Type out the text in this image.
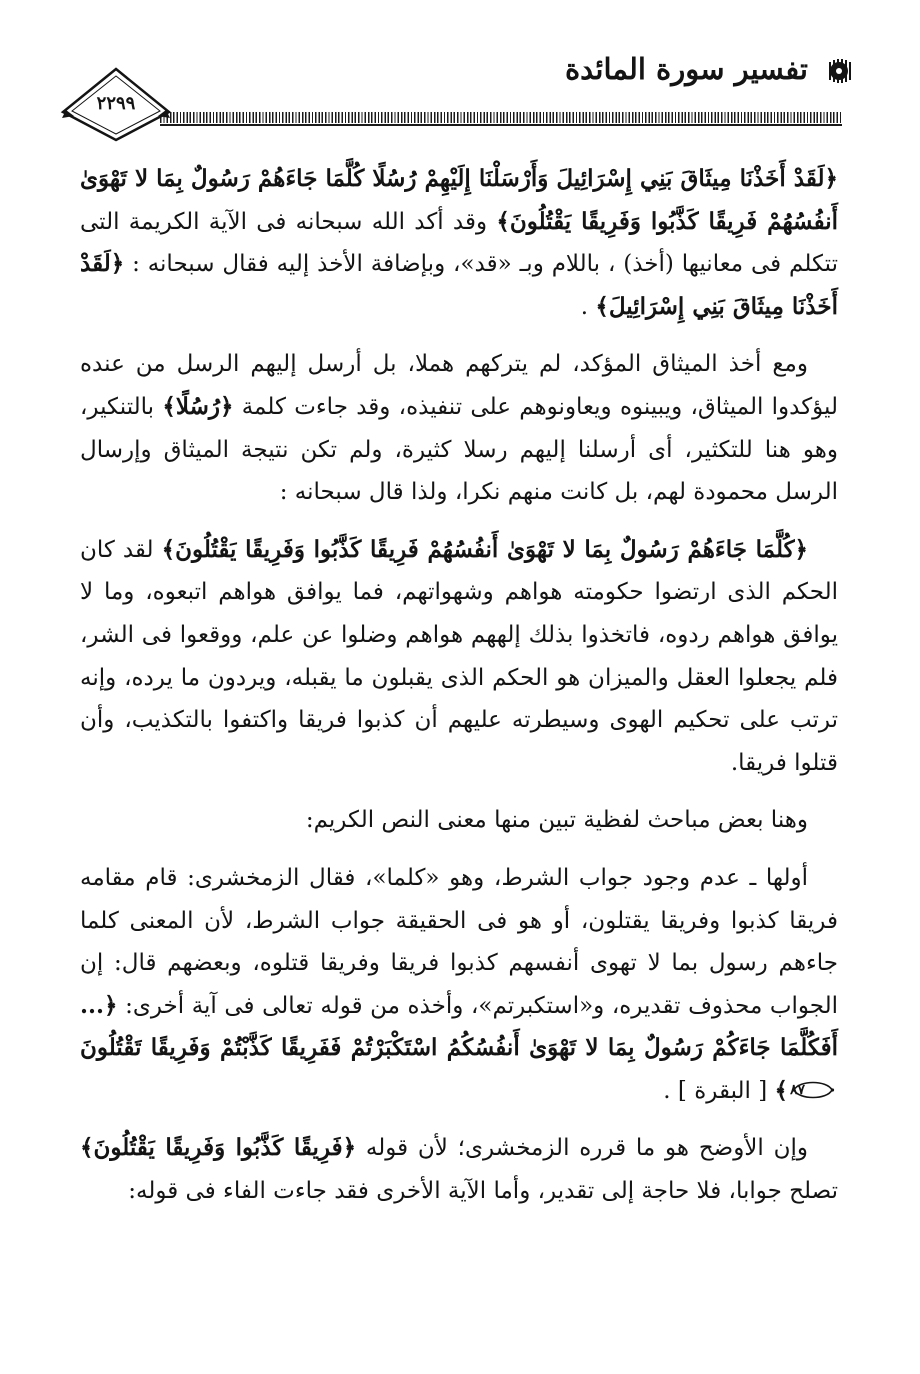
تفسير سورة المائدة
٢٢٩٩

﴿لَقَدْ أَخَذْنَا مِيثَاقَ بَنِي إِسْرَائِيلَ وَأَرْسَلْنَا إِلَيْهِمْ رُسُلًا كُلَّمَا جَاءَهُمْ رَسُولٌ بِمَا لا تَهْوَىٰ أَنفُسُهُمْ فَرِيقًا كَذَّبُوا وَفَرِيقًا يَقْتُلُونَ﴾ وقد أكد الله سبحانه فى الآية الكريمة التى تتكلم فى معانيها (أخذ) ، باللام وبـ «قد»، وبإضافة الأخذ إليه فقال سبحانه : ﴿لَقَدْ أَخَذْنَا مِيثَاقَ بَنِي إِسْرَائِيلَ﴾ .

ومع أخذ الميثاق المؤكد، لم يتركهم هملا، بل أرسل إليهم الرسل من عنده ليؤكدوا الميثاق، ويبينوه ويعاونوهم على تنفيذه، وقد جاءت كلمة ﴿رُسُلًا﴾ بالتنكير، وهو هنا للتكثير، أى أرسلنا إليهم رسلا كثيرة، ولم تكن نتيجة الميثاق وإرسال الرسل محمودة لهم، بل كانت منهم نكرا، ولذا قال سبحانه :

﴿كُلَّمَا جَاءَهُمْ رَسُولٌ بِمَا لا تَهْوَىٰ أَنفُسُهُمْ فَرِيقًا كَذَّبُوا وَفَرِيقًا يَقْتُلُونَ﴾ لقد كان الحكم الذى ارتضوا حكومته هواهم وشهواتهم، فما يوافق هواهم اتبعوه، وما لا يوافق هواهم ردوه، فاتخذوا بذلك إلههم هواهم وضلوا عن علم، ووقعوا فى الشر، فلم يجعلوا العقل والميزان هو الحكم الذى يقبلون ما يقبله، ويردون ما يرده، وإنه ترتب على تحكيم الهوى وسيطرته عليهم أن كذبوا فريقا واكتفوا بالتكذيب، وأن قتلوا فريقا.

وهنا بعض مباحث لفظية تبين منها معنى النص الكريم:

أولها ـ عدم وجود جواب الشرط، وهو «كلما»، فقال الزمخشرى: قام مقامه فريقا كذبوا وفريقا يقتلون، أو هو فى الحقيقة جواب الشرط، لأن المعنى كلما جاءهم رسول بما لا تهوى أنفسهم كذبوا فريقا وفريقا قتلوه، وبعضهم قال: إن الجواب محذوف تقديره، و«استكبرتم»، وأخذه من قوله تعالى فى آية أخرى: ﴿... أَفَكُلَّمَا جَاءَكُمْ رَسُولٌ بِمَا لا تَهْوَىٰ أَنفُسُكُمُ اسْتَكْبَرْتُمْ فَفَرِيقًا كَذَّبْتُمْ وَفَرِيقًا تَقْتُلُونَ
٨٧
﴾ [ البقرة ] .

وإن الأوضح هو ما قرره الزمخشرى؛ لأن قوله ﴿فَرِيقًا كَذَّبُوا وَفَرِيقًا يَقْتُلُونَ﴾ تصلح جوابا، فلا حاجة إلى تقدير، وأما الآية الأخرى فقد جاءت الفاء فى قوله:
